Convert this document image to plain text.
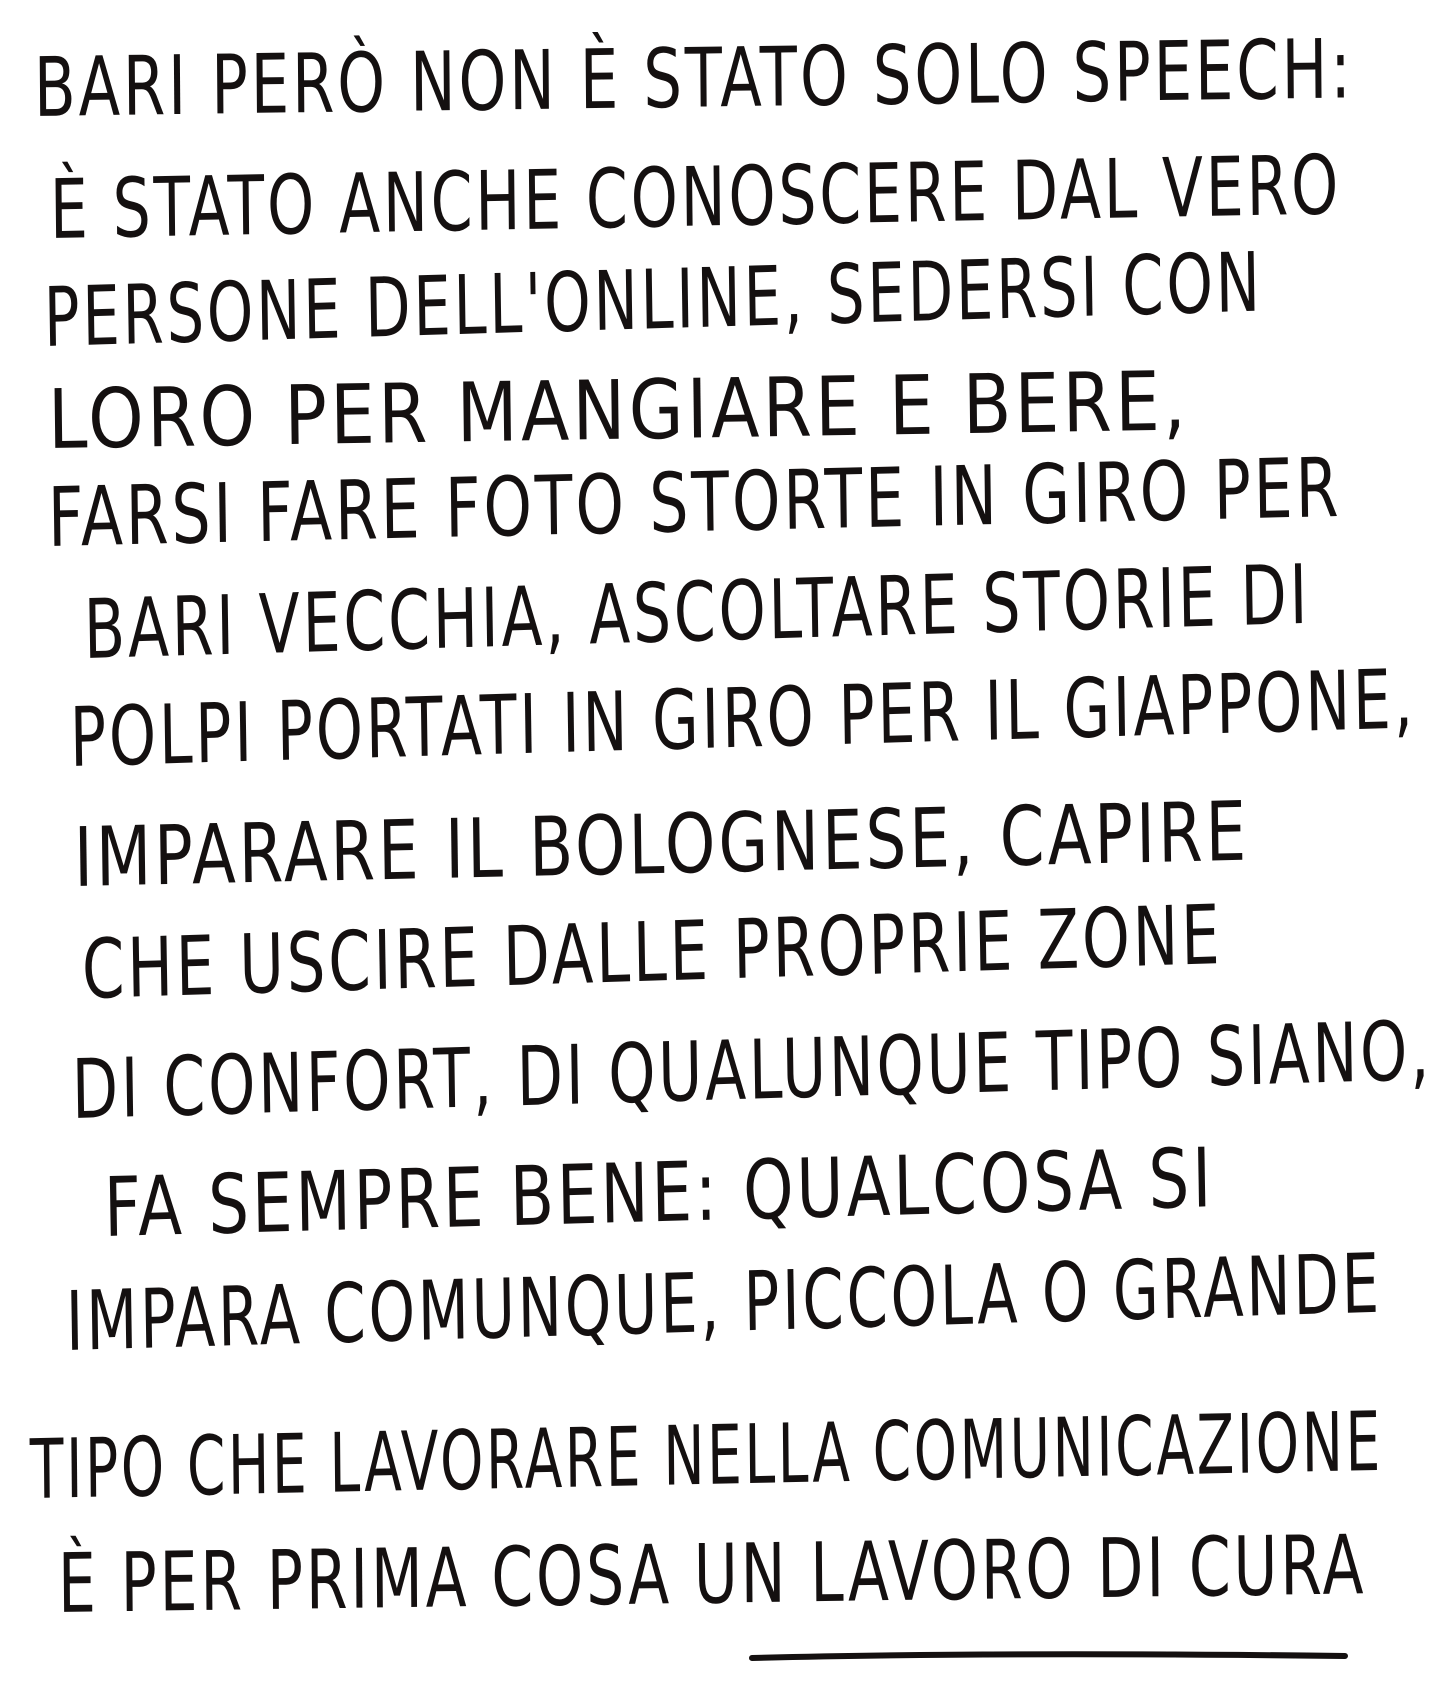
BARI PERÒ NON È STATO SOLO SPEECH:
È STATO ANCHE CONOSCERE DAL VERO
PERSONE DELL'ONLINE, SEDERSI CON
LORO PER MANGIARE E BERE,
FARSI FARE FOTO STORTE IN GIRO PER
BARI VECCHIA, ASCOLTARE STORIE DI
POLPI PORTATI IN GIRO PER IL GIAPPONE,
IMPARARE IL BOLOGNESE, CAPIRE
CHE USCIRE DALLE PROPRIE ZONE
DI CONFORT, DI QUALUNQUE TIPO SIANO,
FA SEMPRE BENE: QUALCOSA SI
IMPARA COMUNQUE, PICCOLA O GRANDE
TIPO CHE LAVORARE NELLA COMUNICAZIONE
È PER PRIMA COSA UN LAVORO DI CURA
